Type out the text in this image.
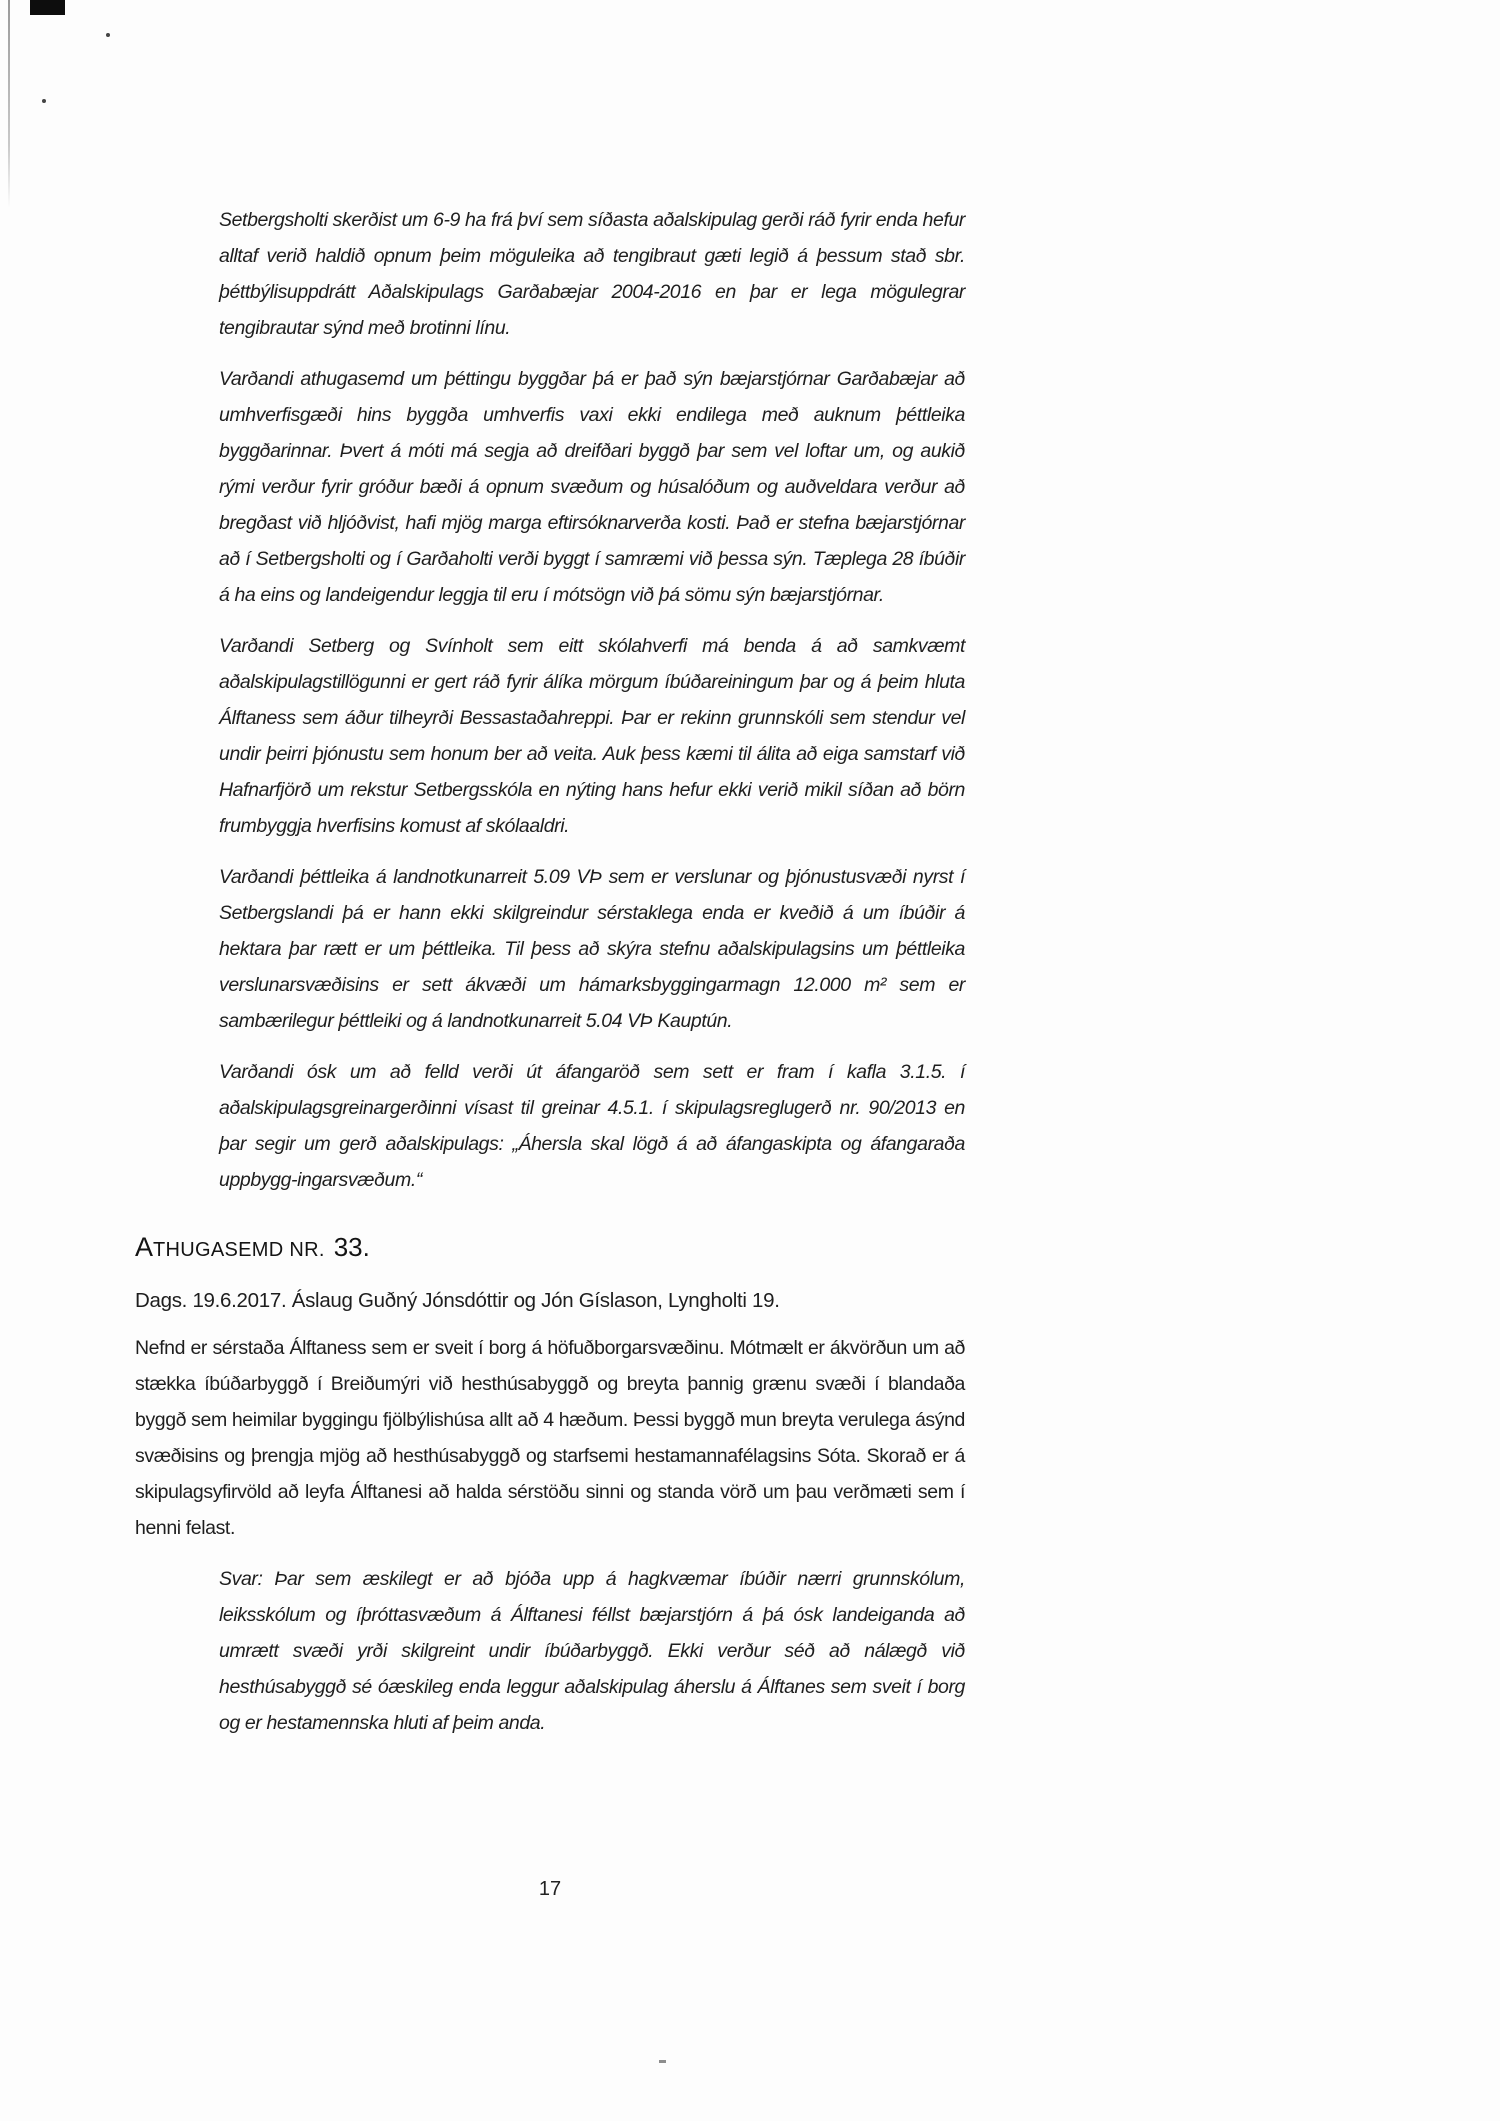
Setbergsholti skerðist um 6-9 ha frá því sem síðasta aðalskipulag gerði ráð fyrir enda hefur alltaf verið haldið opnum þeim möguleika að tengibraut gæti legið á þessum stað sbr. þéttbýlisuppdrátt Aðalskipulags Garðabæjar 2004-2016 en þar er lega mögulegrar tengibrautar sýnd með brotinni línu.

Varðandi athugasemd um þéttingu byggðar þá er það sýn bæjarstjórnar Garðabæjar að umhverfisgæði hins byggða umhverfis vaxi ekki endilega með auknum þéttleika byggðarinnar. Þvert á móti má segja að dreifðari byggð þar sem vel loftar um, og aukið rými verður fyrir gróður bæði á opnum svæðum og húsalóðum og auðveldara verður að bregðast við hljóðvist, hafi mjög marga eftirsóknarverða kosti. Það er stefna bæjarstjórnar að í Setbergsholti og í Garðaholti verði byggt í samræmi við þessa sýn. Tæplega 28 íbúðir á ha eins og landeigendur leggja til eru í mótsögn við þá sömu sýn bæjarstjórnar.

Varðandi Setberg og Svínholt sem eitt skólahverfi má benda á að samkvæmt aðalskipulagstillögunni er gert ráð fyrir álíka mörgum íbúðareiningum þar og á þeim hluta Álftaness sem áður tilheyrði Bessastaðahreppi. Þar er rekinn grunnskóli sem stendur vel undir þeirri þjónustu sem honum ber að veita. Auk þess kæmi til álita að eiga samstarf við Hafnarfjörð um rekstur Setbergsskóla en nýting hans hefur ekki verið mikil síðan að börn frumbyggja hverfisins komust af skólaaldri.

Varðandi þéttleika á landnotkunarreit 5.09 VÞ sem er verslunar og þjónustusvæði nyrst í Setbergslandi þá er hann ekki skilgreindur sérstaklega enda er kveðið á um íbúðir á hektara þar rætt er um þéttleika. Til þess að skýra stefnu aðalskipulagsins um þéttleika verslunarsvæðisins er sett ákvæði um hámarksbyggingarmagn 12.000 m² sem er sambærilegur þéttleiki og á landnotkunarreit 5.04 VÞ Kauptún.

Varðandi ósk um að felld verði út áfangaröð sem sett er fram í kafla 3.1.5. í aðalskipulagsgreinargerðinni vísast til greinar 4.5.1. í skipulagsreglugerð nr. 90/2013 en þar segir um gerð aðalskipulags: „Áhersla skal lögð á að áfangaskipta og áfangaraða uppbygg-ingarsvæðum.“

ATHUGASEMD NR. 33.

Dags. 19.6.2017. Áslaug Guðný Jónsdóttir og Jón Gíslason, Lyngholti 19.

Nefnd er sérstaða Álftaness sem er sveit í borg á höfuðborgarsvæðinu. Mótmælt er ákvörðun um að stækka íbúðarbyggð í Breiðumýri við hesthúsabyggð og breyta þannig grænu svæði í blandaða byggð sem heimilar byggingu fjölbýlishúsa allt að 4 hæðum. Þessi byggð mun breyta verulega ásýnd svæðisins og þrengja mjög að hesthúsabyggð og starfsemi hestamannafélagsins Sóta. Skorað er á skipulagsyfirvöld að leyfa Álftanesi að halda sérstöðu sinni og standa vörð um þau verðmæti sem í henni felast.

Svar: Þar sem æskilegt er að bjóða upp á hagkvæmar íbúðir nærri grunnskólum, leiksskólum og íþróttasvæðum á Álftanesi féllst bæjarstjórn á þá ósk landeiganda að umrætt svæði yrði skilgreint undir íbúðarbyggð. Ekki verður séð að nálægð við hesthúsabyggð sé óæskileg enda leggur aðalskipulag áherslu á Álftanes sem sveit í borg og er hestamennska hluti af þeim anda.

17
